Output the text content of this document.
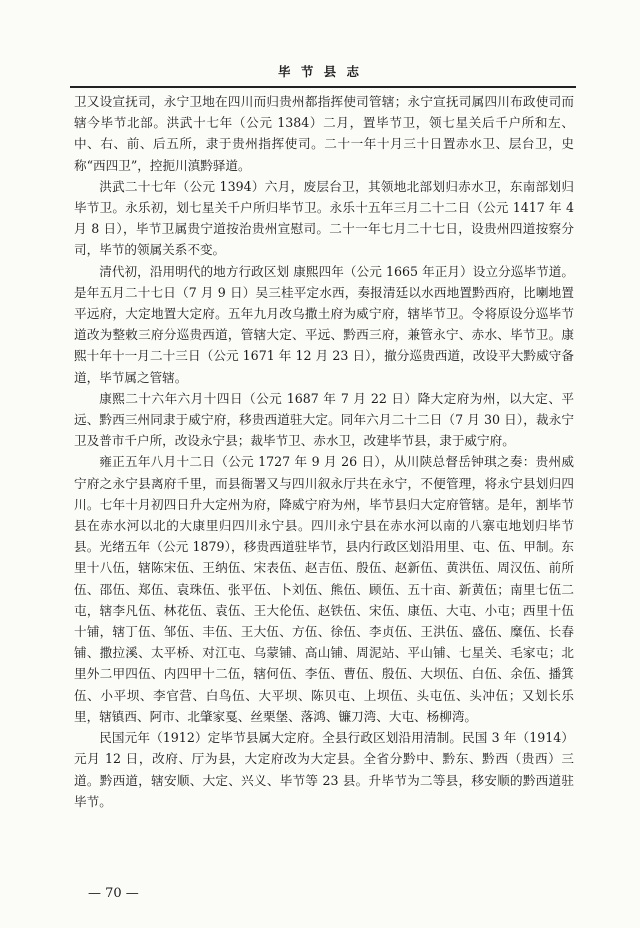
毕 节 县 志

卫又设宣抚司，永宁卫地在四川而归贵州都指挥使司管辖；永宁宣抚司属四川布政使司而辖今毕节北部。洪武十七年（公元 1384）二月，置毕节卫，领七星关后千户所和左、中、右、前、后五所，隶于贵州指挥使司。二十一年十月三十日置赤水卫、层台卫，史称“西四卫”，控扼川滇黔驿道。

洪武二十七年（公元 1394）六月，废层台卫，其领地北部划归赤水卫，东南部划归毕节卫。永乐初，划七星关千户所归毕节卫。永乐十五年三月二十二日（公元 1417 年 4 月 8 日），毕节卫属贵宁道按治贵州宣慰司。二十一年七月二十七日，设贵州四道按察分司，毕节的领属关系不变。

清代初，沿用明代的地方行政区划 康熙四年（公元 1665 年正月）设立分巡毕节道。是年五月二十七日（7 月 9 日）吴三桂平定水西，奏报清廷以水西地置黔西府，比喇地置平远府，大定地置大定府。五年九月改乌撒土府为威宁府，辖毕节卫。令将原设分巡毕节道改为整敕三府分巡贵西道，管辖大定、平远、黔西三府，兼管永宁、赤水、毕节卫。康熙十年十一月二十三日（公元 1671 年 12 月 23 日），撤分巡贵西道，改设平大黔威守备道，毕节属之管辖。

康熙二十六年六月十四日（公元 1687 年 7 月 22 日）降大定府为州，以大定、平远、黔西三州同隶于威宁府，移贵西道驻大定。同年六月二十二日（7 月 30 日），裁永宁卫及普市千户所，改设永宁县；裁毕节卫、赤水卫，改建毕节县，隶于威宁府。

雍正五年八月十二日（公元 1727 年 9 月 26 日），从川陕总督岳钟琪之奏：贵州威宁府之永宁县离府千里，而县衙署又与四川叙永厅共在永宁，不便管理，将永宁县划归四川。七年十月初四日升大定州为府，降威宁府为州，毕节县归大定府管辖。是年，割毕节县在赤水河以北的大康里归四川永宁县。四川永宁县在赤水河以南的八寨屯地划归毕节县。光绪五年（公元 1879），移贵西道驻毕节，县内行政区划沿用里、屯、伍、甲制。东里十八伍，辖陈宋伍、王纳伍、宋表伍、赵吉伍、殷伍、赵新伍、黄洪伍、周汉伍、前所伍、邵伍、郑伍、袁珠伍、张平伍、卜刘伍、熊伍、顾伍、五十亩、新黄伍；南里七伍二屯，辖李凡伍、林花伍、袁伍、王大伦伍、赵铁伍、宋伍、康伍、大屯、小屯；西里十伍十铺，辖丁伍、邹伍、丰伍、王大伍、方伍、徐伍、李贞伍、王洪伍、盛伍、糜伍、长春铺、撒拉溪、太平桥、对江屯、乌蒙铺、高山铺、周泥站、平山铺、七星关、毛家屯；北里外二甲四伍、内四甲十二伍，辖何伍、李伍、曹伍、殷伍、大坝伍、白伍、余伍、播箕伍、小平坝、李官营、白鸟伍、大平坝、陈贝屯、上坝伍、头屯伍、头冲伍；又划长乐里，辖镇西、阿市、北肇家戛、丝栗堡、落鸿、镰刀湾、大屯、杨柳湾。

民国元年（1912）定毕节县属大定府。全县行政区划沿用清制。民国 3 年（1914）元月 12 日，改府、厅为县，大定府改为大定县。全省分黔中、黔东、黔西（贵西）三道。黔西道，辖安顺、大定、兴义、毕节等 23 县。升毕节为二等县，移安顺的黔西道驻毕节。

— 70 —
